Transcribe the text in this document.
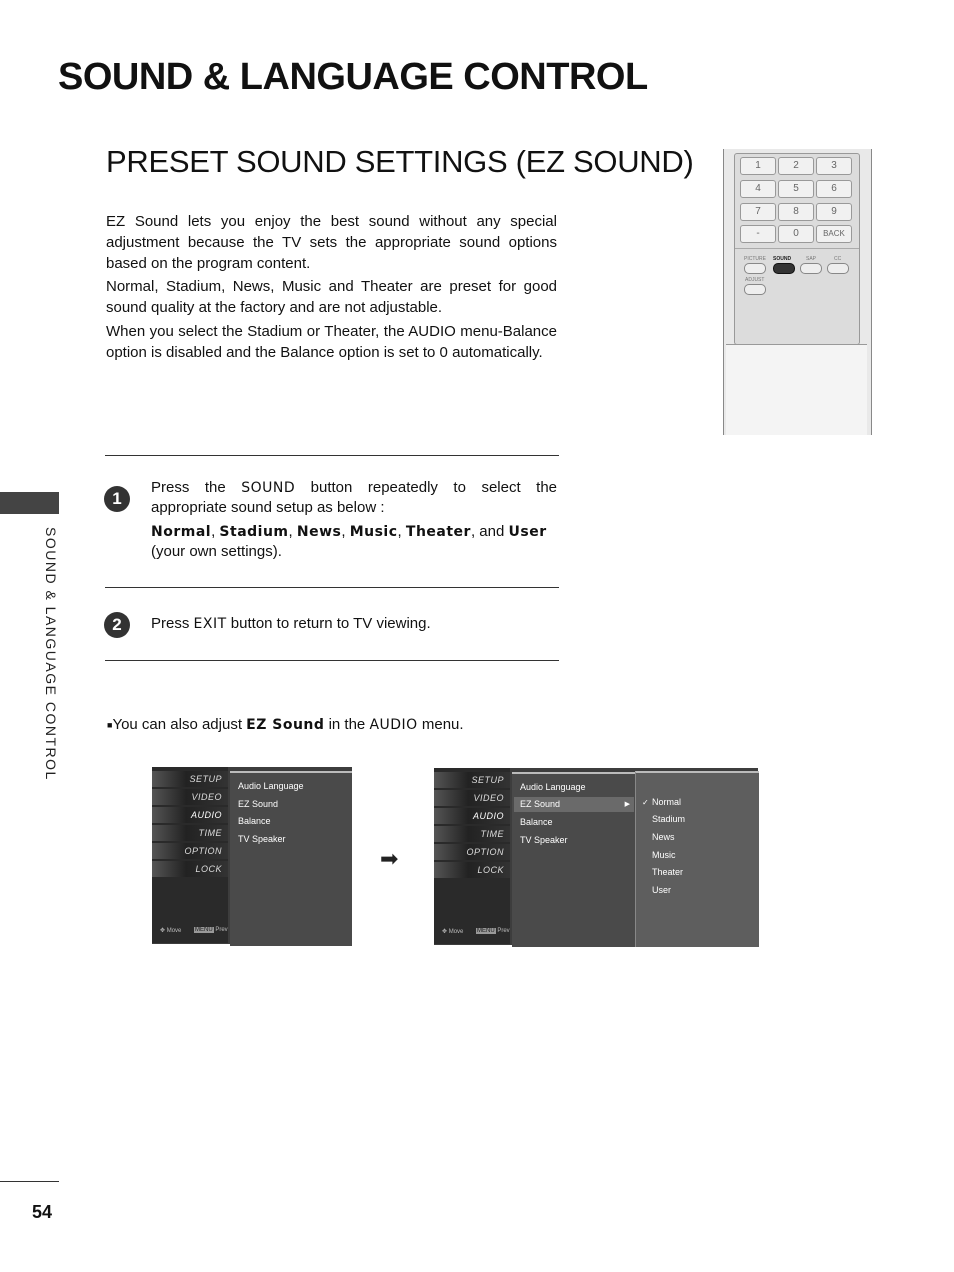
SOUND & LANGUAGE CONTROL
PRESET SOUND SETTINGS (EZ SOUND)

EZ Sound lets you enjoy the best sound without any special adjustment because the TV sets the appropriate sound options based on the program content.

Normal, Stadium, News, Music and Theater are preset for good sound quality at the factory and are not adjustable.

When you select the Stadium or Theater, the AUDIO menu-Balance option is disabled and the Balance option is set to 0 automatically.

SOUND & LANGUAGE CONTROL
1	2	3
4	5	6
7	8	9
-	0	BACK
PICTURE SOUND	SAP	CC
ADJUST
1

Press the SOUND button repeatedly to select the appropriate sound setup as below :

Normal, Stadium, News, Music, Theater, and User
(your own settings).

2	Press EXIT button to return to TV viewing.

■You can also adjust EZ Sound in the AUDIO menu.
SETUP
VIDEO
AUDIO
TIME
OPTION
LOCK
✥ Move MENU Prev
Audio Language
EZ Sound
Balance
TV Speaker
➡
SETUP
VIDEO
AUDIO
TIME
OPTION
LOCK
✥ Move MENU Prev
Audio Language
EZ Sound	▶
Balance
TV Speaker
✓ Normal
Stadium
News
Music
Theater
User
54
